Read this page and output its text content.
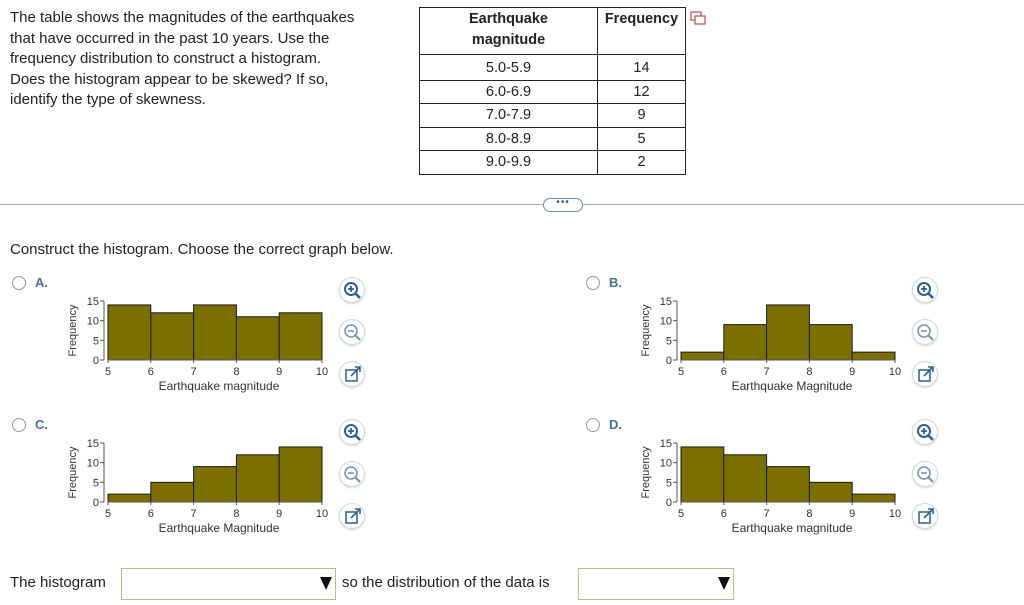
The table shows the magnitudes of the earthquakes
that have occurred in the past 10 years. Use the
frequency distribution to construct a histogram.
Does the histogram appear to be skewed? If so,
identify the type of skewness.
Earthquake
magnitude	Frequency
5.0-5.9	14
6.0-6.9	12
7.0-7.9	9
8.0-8.9	5
9.0-9.9	2
•••
Construct the histogram. Choose the correct graph below.
A.
Frequency
0
5
10
15
5	6	7	8	9	10
Earthquake magnitude
B.
Frequency
0
5
10
15
5	6	7	8	9	10
Earthquake Magnitude
C.
Frequency
0
5
10
15
5	6	7	8	9	10
Earthquake Magnitude
D.
Frequency
0
5
10
15
5	6	7	8	9	10
Earthquake magnitude
The histogram	so the distribution of the data is
